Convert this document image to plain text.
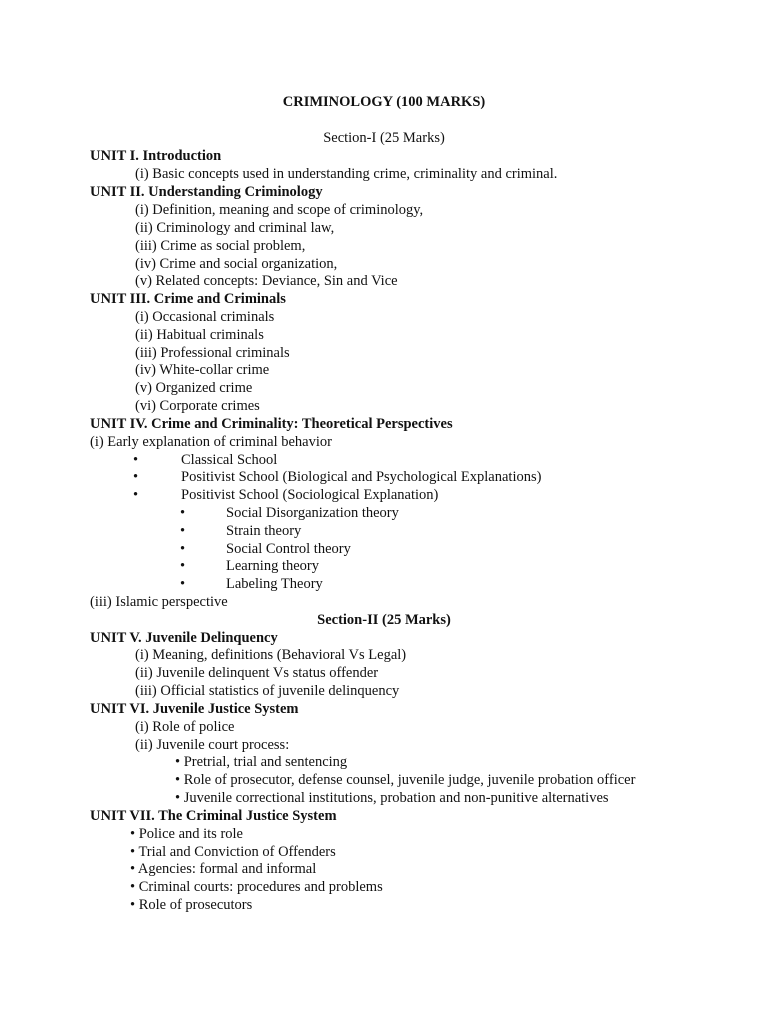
CRIMINOLOGY (100 MARKS)
Section-I (25 Marks)
UNIT I. Introduction
(i) Basic concepts used in understanding crime, criminality and criminal.
UNIT II. Understanding Criminology
(i) Definition, meaning and scope of criminology,
(ii) Criminology and criminal law,
(iii) Crime as social problem,
(iv) Crime and social organization,
(v) Related concepts: Deviance, Sin and Vice
UNIT III. Crime and Criminals
(i) Occasional criminals
(ii) Habitual criminals
(iii) Professional criminals
(iv) White-collar crime
(v) Organized crime
(vi) Corporate crimes
UNIT IV. Crime and Criminality: Theoretical Perspectives
(i) Early explanation of criminal behavior
•	Classical School
•	Positivist School (Biological and Psychological Explanations)
•	Positivist School (Sociological Explanation)
•	Social Disorganization theory
•	Strain theory
•	Social Control theory
•	Learning theory
•	Labeling Theory
(iii) Islamic perspective
Section-II (25 Marks)
UNIT V. Juvenile Delinquency
(i) Meaning, definitions (Behavioral Vs Legal)
(ii) Juvenile delinquent Vs status offender
(iii) Official statistics of juvenile delinquency
UNIT VI. Juvenile Justice System
(i) Role of police
(ii) Juvenile court process:
• Pretrial, trial and sentencing
• Role of prosecutor, defense counsel, juvenile judge, juvenile probation officer
• Juvenile correctional institutions, probation and non-punitive alternatives
UNIT VII. The Criminal Justice System
• Police and its role
• Trial and Conviction of Offenders
• Agencies: formal and informal
• Criminal courts: procedures and problems
• Role of prosecutors
